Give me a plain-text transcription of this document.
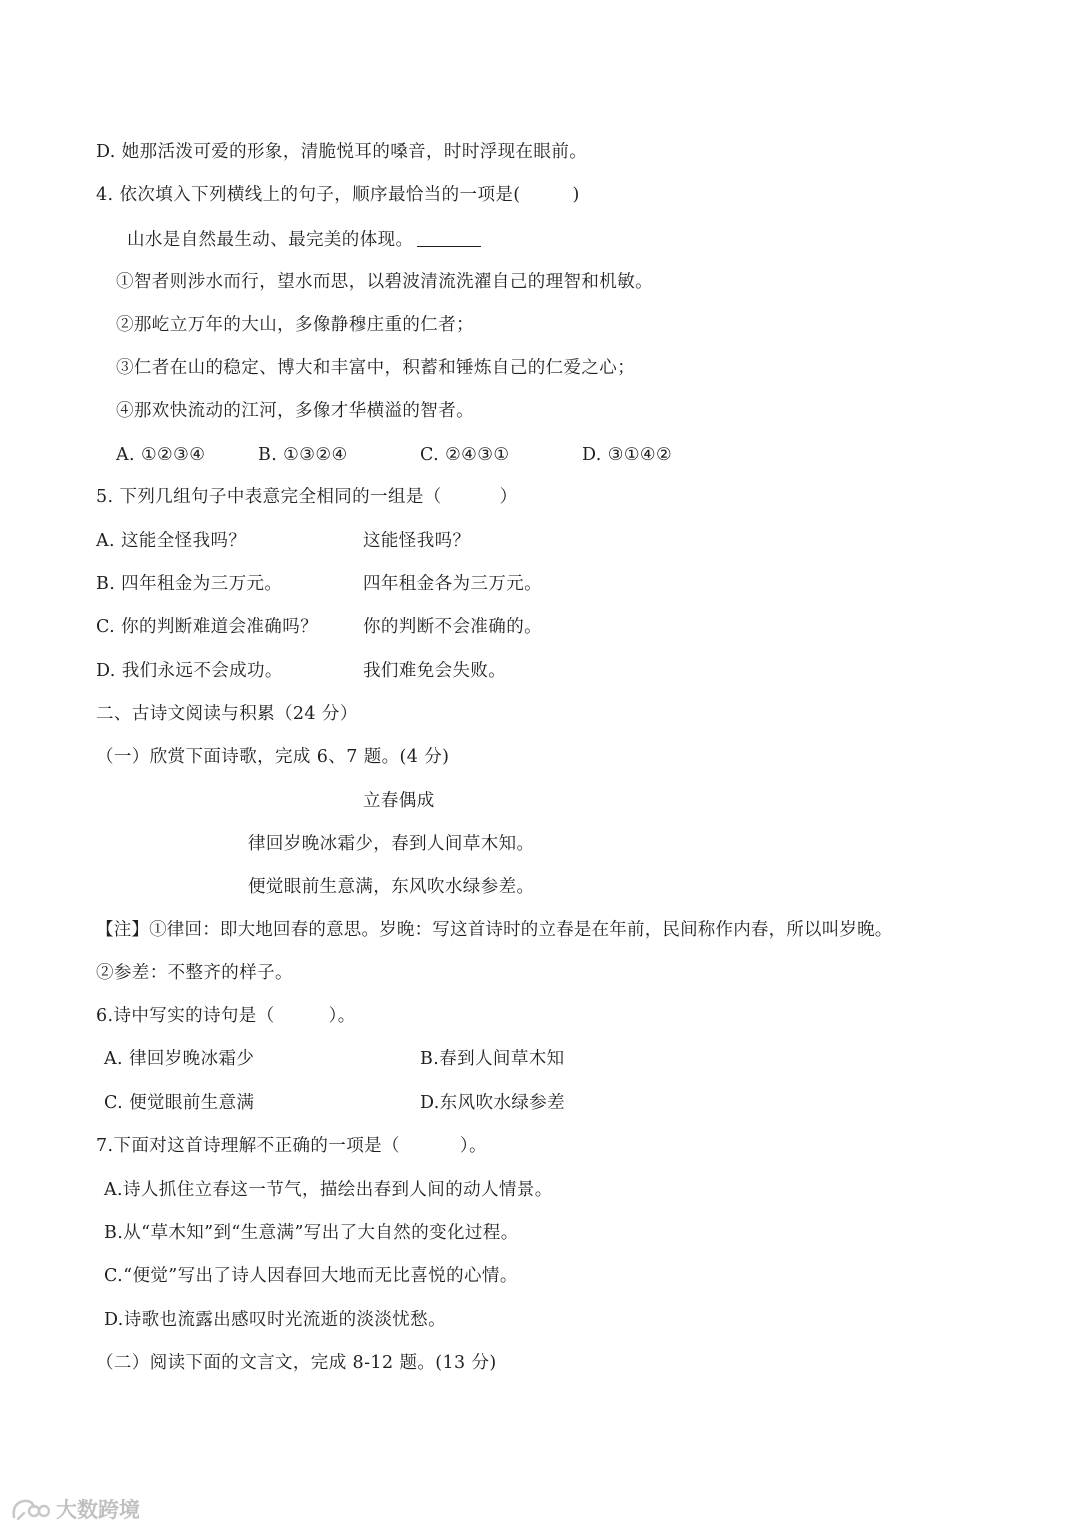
D. 她那活泼可爱的形象，清脆悦耳的嗓音，时时浮现在眼前。
4. 依次填入下列横线上的句子，顺序最恰当的一项是(	)
山水是自然最生动、最完美的体现。
①智者则涉水而行，望水而思，以碧波清流洗濯自己的理智和机敏。
②那屹立万年的大山，多像静穆庄重的仁者；
③仁者在山的稳定、博大和丰富中，积蓄和锤炼自己的仁爱之心；
④那欢快流动的江河，多像才华横溢的智者。
A. ①②③④	B. ①③②④	C. ②④③①	D. ③①④②
5. 下列几组句子中表意完全相同的一组是（	）
A. 这能全怪我吗？	这能怪我吗？
B. 四年租金为三万元。	四年租金各为三万元。
C. 你的判断难道会准确吗？	你的判断不会准确的。
D. 我们永远不会成功。	我们难免会失败。
二、古诗文阅读与积累（24 分）
（一）欣赏下面诗歌，完成 6、7 题。(4 分)
立春偶成
律回岁晚冰霜少，春到人间草木知。
便觉眼前生意满，东风吹水绿参差。
【注】①律回：即大地回春的意思。岁晚：写这首诗时的立春是在年前，民间称作内春，所以叫岁晚。
②参差：不整齐的样子。
6.诗中写实的诗句是（	）。
A. 律回岁晚冰霜少	B.春到人间草木知
C. 便觉眼前生意满	D.东风吹水绿参差
7.下面对这首诗理解不正确的一项是（	）。
A.诗人抓住立春这一节气，描绘出春到人间的动人情景。
B.从“草木知”到“生意满”写出了大自然的变化过程。
C.“便觉”写出了诗人因春回大地而无比喜悦的心情。
D.诗歌也流露出感叹时光流逝的淡淡忧愁。
（二）阅读下面的文言文，完成 8-12 题。(13 分)
大数跨境
